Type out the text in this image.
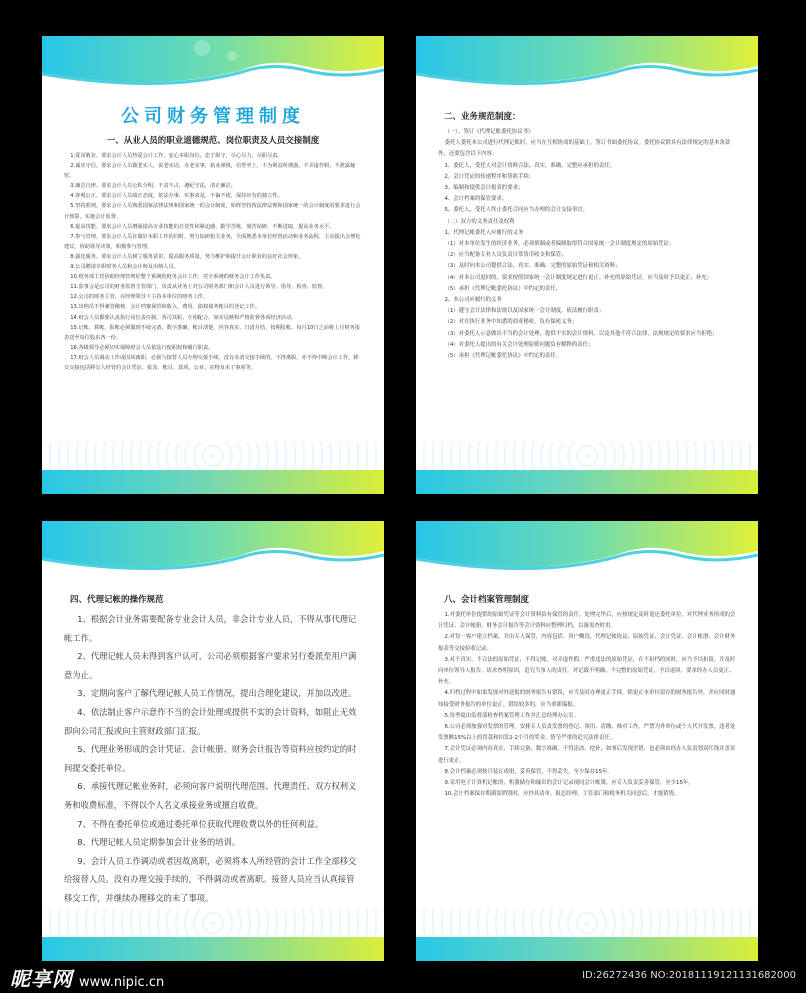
公司财务管理制度
一、从业人员的职业道德规范、岗位职责及人员交接制度

1.爱岗敬业。要求会计人员热爱会计工作，安心本职岗位，忠于职守，尽心尽力，尽职尽责。

2.诚实守信。要求会计人员做老实人，说老实话，办老实事，执业谨慎，信誉至上，不为利益所诱惑，不弄虚作假，不泄露秘密。

3.廉洁自律。要求会计人员公私分明，不贪不占，遵纪守法，清正廉洁。

4.客观公正。要求会计人员端正态度，依法办事，实事求是，不偏不倚，保持应有的独立性。

5.坚持准则。要求会计人员熟悉国家法律法规和国家统一的会计制度，始终坚持按法律法规和国家统一的会计制度的要求进行会计核算，实施会计监督。

6.提高技能。要求会计人员增强提高专业技能的自觉性和紧迫感，勤学苦练，刻苦钻研，不断进取，提高业务水平。

7.参与管理。要求会计人员在做好本职工作的同时，努力钻研相关业务，全面熟悉本单位经营活动和业务流程，主动提出合理化建议，协助领导决策，积极参与管理。

8.强化服务。要求会计人员树立服务意识，提高服务质量，努力维护和提升会计职业的良好社会形象。

9.公司聘请专职财务人员和会计师及出纳人员。

10.财务部主管协助经理管理好整个系统的财务会计工作，对全系统的财务会计工作负责。

11.监事会是公司的财务监督主管部门，负责从业务上对公司财务部门和会计人员进行领导、指导、检查、监督。

12.公司的财务主管，在经理领导下主持本单位的财务工作。

13.出纳员不得兼管稽核、会计档案保管和收入、费用、债权债务帐目的登记工作。

14.财会人员都要认真执行岗位责任制，各司其职，互相配合，如实反映和严格监督各项经济活动。

15.记帐、算帐、报帐必须做到手续完备，数字准确，帐目清楚，内容真实，日清月结，按期报帐，每月10日之前将上月财务报表送至每位股东各一份。

16.各级领导必须切实保障财会人员依法行使职权和履行职责。

17.财会人员调动工作或因故离职，必须与接替人员办理交接手续，没有办清交接手续的，不得离职，亦不得中断会计工作。移交交接包括移交人经管的会计凭证、报表、帐目、款项、公章、实物及未了事项等。

二、业务规范制度：

（一）、签订《代理记账委托协议书》

委托人委托本公司进行代理记账时，应当在互相协商的基础上，签订书面委托协议。委托协议除具有法律规定的基本条款外，还要包含以下内容：

1、委托人、受托人对会计资料合法、真实、准确、完整应承担的责任。

2、会计凭证的传递程序和签收手续；

3、编制和提供会计报表的要求；

4、会计档案的保管要求；

5、委托人、受托人终止委托合同应当办理的会计交接事宜。

（二）双方的义务责任及权利

1、代理记帐委托人应履行的义务

（1）对本单位发生的经济业务，必须填制或者编制取得符合国家统一会计制度规定的原始凭证；

（2）应当配备专业人员负责日常货币收支和保管；

（3）及时向本公司提供合法、真实、准确、完整的原始凭证和相关资料；

（4）对本公司退回的，要求按照国家统一会计制度规定进行更正、补充的原始凭证，应当及时予以更正、补充；

（5）承担《代理记帐委托协议》中约定的责任。

2、本公司应履行的义务

（1）遵守会计法律和法规以及国家统一会计制度，依法履行职责；

（2）对在执行业务中知悉的商业秘密，负有保密义务；

（3）对委托人示意做出不当的会计处理，提供不实的会计资料，以及其他不符合法律、法规规定的要求应当拒绝；

（4）对委托人提出的有关会计处理原则问题负有解释的责任；

（5）承担《代理记帐委托协议》中约定的责任。

四、代理记帐的操作规范

1、根据会计业务需要配备专业会计人员，非会计专业人员，不得从事代理记帐工作。

2、代理记帐人员未得到客户认可，公司必须根据客户要求另行委派至用户满意为止。

3、定期向客户了解代理记帐人员工作情况，提出合理化建议，并加以改进。

4、依法制止客户示意作不当的会计处理或提供不实的会计资料，如阻止无效即向公司汇报或向主管财政部门汇报。

5、代理业务形成的会计凭证、会计帐册、财务会计报告等资料应按约定的时间提交委托单位。

6、承接代理记帐业务时，必须向客户说明代理范围、代理责任、双方权利义务和收费标准，不得以个人名义承接业务或擅自收费。

7、不得在委托单位或通过委托单位获取代理收费以外的任何利益。

8、代理记帐人员定期参加会计业务的培训。

9、会计人员工作调动或者因故离职，必须将本人所经管的会计工作全部移交给接替人员。没有办理交接手续的，不得调动或者离职。接替人员应当认真接管移交工作，并继续办理移交的未了事项。

八、会计档案管理制度

1.对委托单位提供的原始凭证等会计资料负有保管的责任。处理完毕后，应按规定及时返还委托单位，对代理业务形成的会计凭证、会计帐册、财务会计报告等会计资料应整理归档，以备需查时用。

2.对每一客户建立档案，并由专人保管，内容包括：用户概况、代理记帐协议、原始凭证、会计凭证、会计帐册、会计财务报表等交接验收记录。

3.对不真实、不合法的原始凭证，不得记帐。对弄虚作假、严重违法的原始凭证，在不扣档的同时，应当予以扣留，并及时向单位领导人报告，请求查明原因，追究当事人的责任。对记载不明确、不完整的原始凭证，予以退回，要求经办人员更正、补充。

4.归档过程中如果发现对外送报的财务报告有错误，应当及时办理更正手续。除更正本单位留存的财务报告外，并应同时通知接受财务报告的单位更正。错误较多的，应当重新编报。

5.每季度由监督部检查档案管理工作并汇总经理办公室。

6.公司必须加强对发票的管理，安排专人负责发票的登记、领用、清缴、核对工作。严禁为外单位或个人代开发票，违者处发票额15%以上的罚款和扣发1-2个月的奖金，情节严重的追究法律责任。

7.会计凭证必须内容真实、手续完备、数字准确、不得涂改、挖补，如事后发现差错，也必须由经办人负责划双红线并盖章进行更正。

8.会计档案必须按月装订成册，妥善保管，不得丢失，至少保存15年。

9.采用电子计算机记帐的，机器储存和输出的会计记录视同会计帐簿，应专人负责妥善保管，至少15年。

10.会计档案保存期满需销毁时，应抄具清单，报总经理、主管部门和税务机关同意后，才能销毁。

昵享网 www.nipic.cn	ID:26272436 NO:20181119121131682000
